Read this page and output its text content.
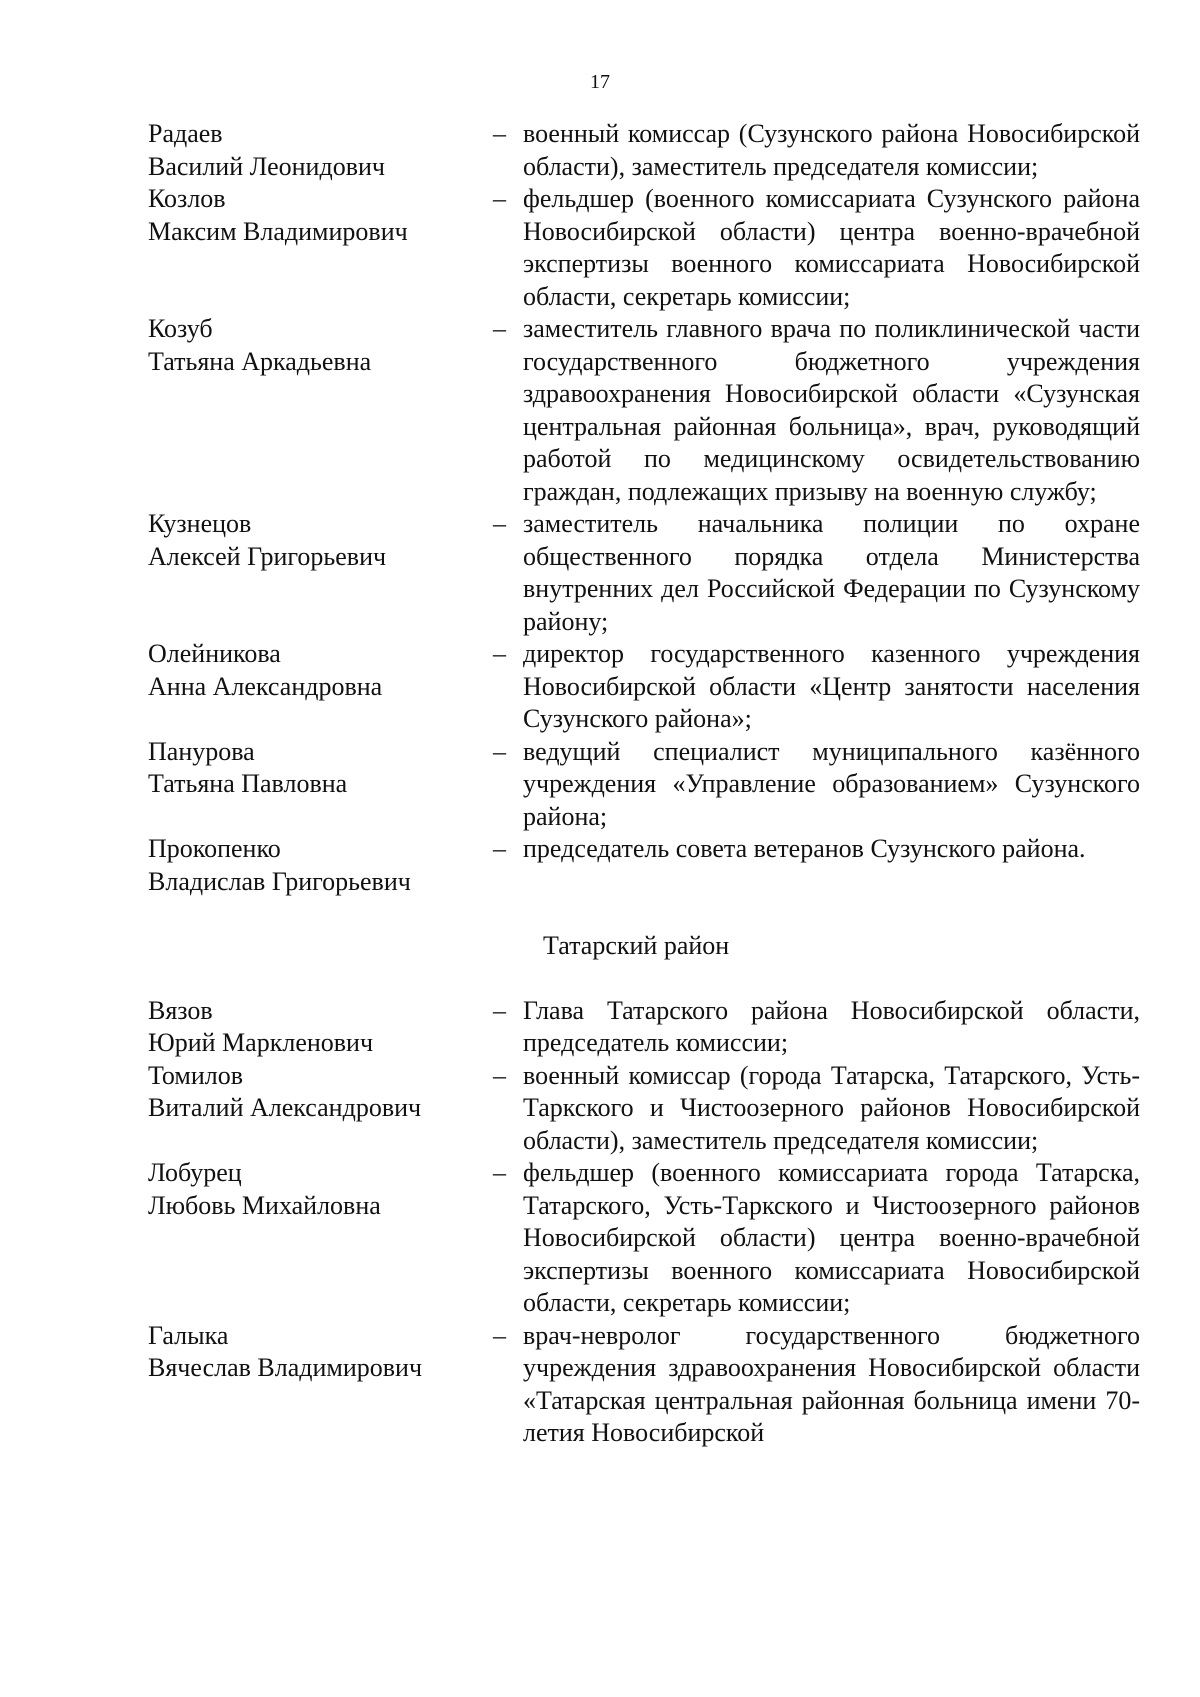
17
Радаев
Василий Леонидович
– военный комиссар (Сузунского района Новосибирской области), заместитель председателя комиссии;
Козлов
Максим Владимирович
– фельдшер (военного комиссариата Сузунского района Новосибирской области) центра военно-врачебной экспертизы военного комиссариата Новосибирской области, секретарь комиссии;
Козуб
Татьяна Аркадьевна
– заместитель главного врача по поликлинической части государственного бюджетного учреждения здравоохранения Новосибирской области «Сузунская центральная районная больница», врач, руководящий работой по медицинскому освидетельствованию граждан, подлежащих призыву на военную службу;
Кузнецов
Алексей Григорьевич
– заместитель начальника полиции по охране общественного порядка отдела Министерства внутренних дел Российской Федерации по Сузунскому району;
Олейникова
Анна Александровна
– директор государственного казенного учреждения Новосибирской области «Центр занятости населения Сузунского района»;
Панурова
Татьяна Павловна
– ведущий специалист муниципального казённого учреждения «Управление образованием» Сузунского района;
Прокопенко
Владислав Григорьевич
– председатель совета ветеранов Сузунского района.
Татарский район
Вязов
Юрий Маркленович
– Глава Татарского района Новосибирской области, председатель комиссии;
Томилов
Виталий Александрович
– военный комиссар (города Татарска, Татарского, Усть-Таркского и Чистоозерного районов Новосибирской области), заместитель председателя комиссии;
Лобурец
Любовь Михайловна
– фельдшер (военного комиссариата города Татарска, Татарского, Усть-Таркского и Чистоозерного районов Новосибирской области) центра военно-врачебной экспертизы военного комиссариата Новосибирской области, секретарь комиссии;
Галыка
Вячеслав Владимирович
– врач-невролог государственного бюджетного учреждения здравоохранения Новосибирской области «Татарская центральная районная больница имени 70-летия Новосибирской
